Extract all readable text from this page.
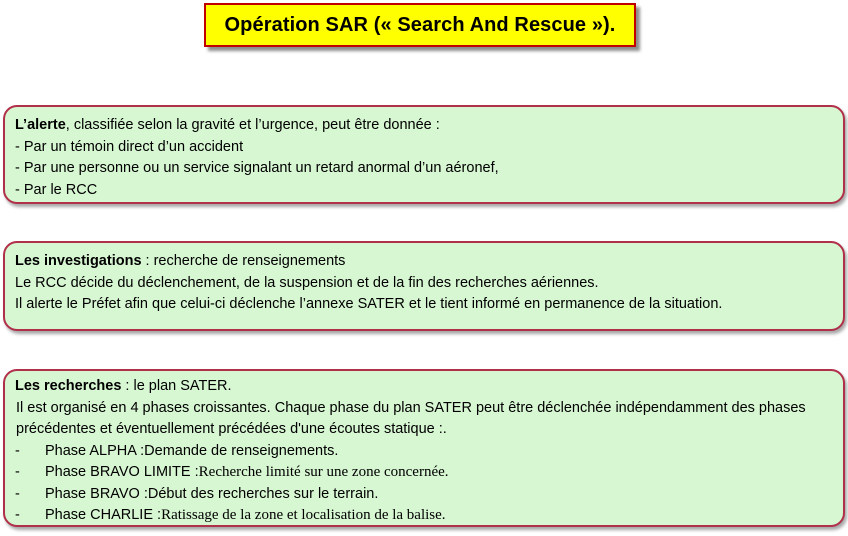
Opération SAR (« Search And Rescue »).
L’alerte, classifiée selon la gravité et l’urgence, peut être donnée :
- Par un témoin direct d’un accident
- Par une personne ou un service signalant un retard anormal d’un aéronef,
- Par le RCC
Les investigations : recherche de renseignements
Le RCC décide du déclenchement, de la suspension et de la fin des recherches aériennes.
Il alerte le Préfet afin que celui-ci déclenche l’annexe SATER et le tient informé en permanence de la situation.
Les recherches : le plan SATER.
Il est organisé en 4 phases croissantes. Chaque phase du plan SATER peut être déclenchée indépendamment des phases précédentes et éventuellement précédées d'une écoutes statique :.
-	Phase ALPHA : Demande de renseignements.
-	Phase BRAVO LIMITE : Recherche limité sur une zone concernée.
-	Phase BRAVO : Début des recherches sur le terrain.
-	Phase CHARLIE : Ratissage de la zone et localisation de la balise.
